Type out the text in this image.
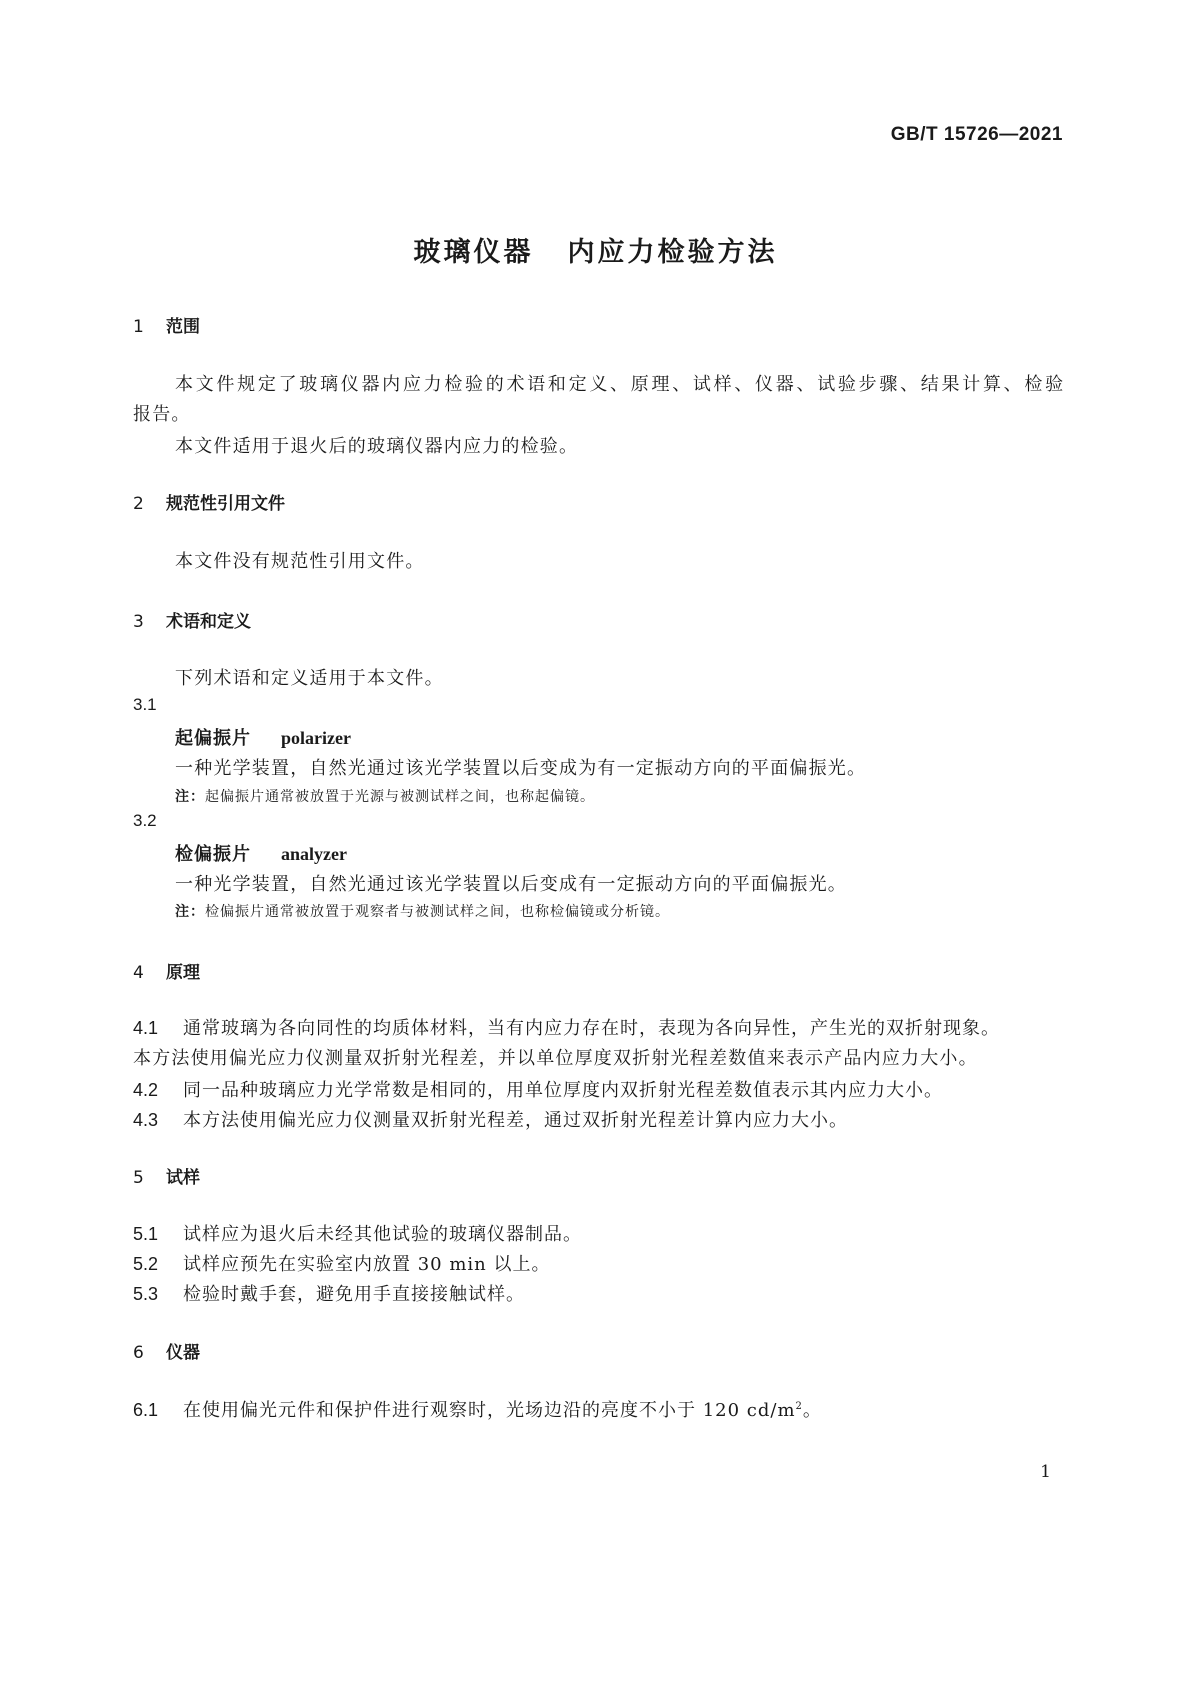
GB/T 15726—2021
玻璃仪器 内应力检验方法
1 范围
本文件规定了玻璃仪器内应力检验的术语和定义、原理、试样、仪器、试验步骤、结果计算、检验
报告。
本文件适用于退火后的玻璃仪器内应力的检验。
2 规范性引用文件
本文件没有规范性引用文件。
3 术语和定义
下列术语和定义适用于本文件。
3.1
起偏振片 polarizer
一种光学装置，自然光通过该光学装置以后变成为有一定振动方向的平面偏振光。
注：起偏振片通常被放置于光源与被测试样之间，也称起偏镜。
3.2
检偏振片 analyzer
一种光学装置，自然光通过该光学装置以后变成有一定振动方向的平面偏振光。
注：检偏振片通常被放置于观察者与被测试样之间，也称检偏镜或分析镜。
4 原理
4.1 通常玻璃为各向同性的均质体材料，当有内应力存在时，表现为各向异性，产生光的双折射现象。
本方法使用偏光应力仪测量双折射光程差，并以单位厚度双折射光程差数值来表示产品内应力大小。
4.2 同一品种玻璃应力光学常数是相同的，用单位厚度内双折射光程差数值表示其内应力大小。
4.3 本方法使用偏光应力仪测量双折射光程差，通过双折射光程差计算内应力大小。
5 试样
5.1 试样应为退火后未经其他试验的玻璃仪器制品。
5.2 试样应预先在实验室内放置 30 min 以上。
5.3 检验时戴手套，避免用手直接接触试样。
6 仪器
6.1 在使用偏光元件和保护件进行观察时，光场边沿的亮度不小于 120 $cd/m^2$。
1
